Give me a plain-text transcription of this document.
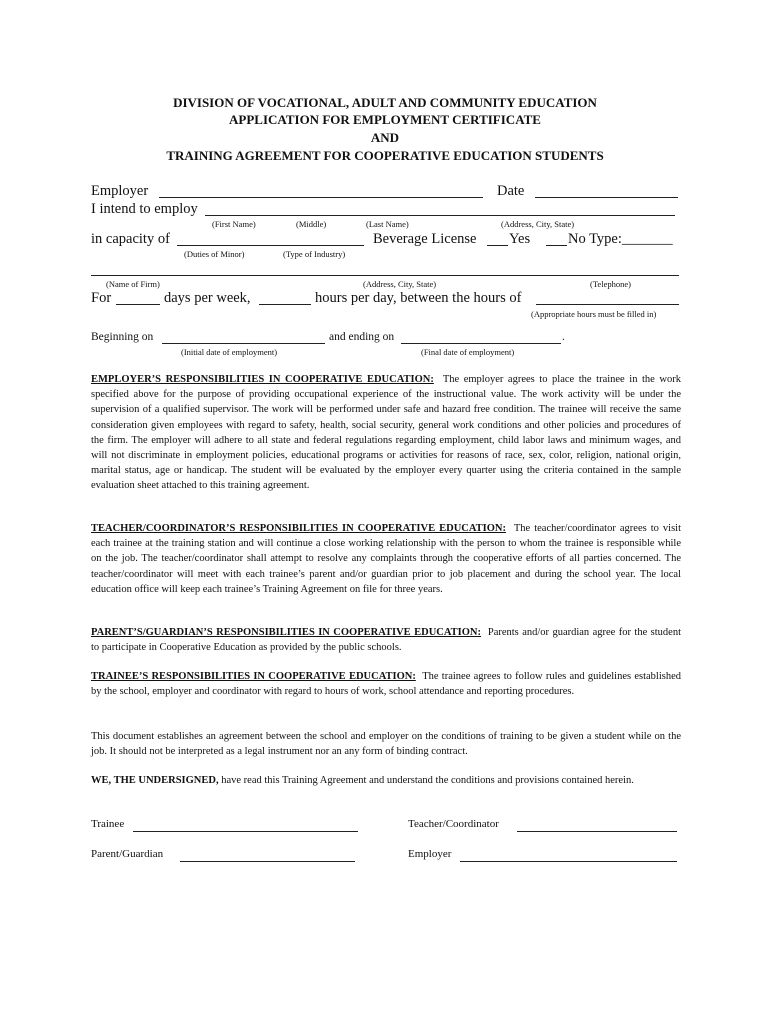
DIVISION OF VOCATIONAL, ADULT AND COMMUNITY EDUCATION
APPLICATION FOR EMPLOYMENT CERTIFICATE
AND
TRAINING AGREEMENT FOR COOPERATIVE EDUCATION STUDENTS
Employer	Date
I intend to employ
(First Name)	(Middle)	(Last Name)	(Address, City, State)
in capacity of	Beverage License Yes	No Type:_______
(Duties of Minor)	(Type of Industry)
(Name of Firm)	(Address, City, State)	(Telephone)
For	days per week,	hours per day, between the hours of
(Appropriate hours must be filled in)
Beginning on	and ending on	.
(Initial date of employment)	(Final date of employment)
EMPLOYER’S RESPONSIBILITIES IN COOPERATIVE EDUCATION: The employer agrees to place the trainee in the work specified above for the purpose of providing occupational experience of the instructional value. The work activity will be under the supervision of a qualified supervisor. The work will be performed under safe and hazard free condition. The trainee will receive the same consideration given employees with regard to safety, health, social security, general work conditions and other policies and procedures of the firm. The employer will adhere to all state and federal regulations regarding employment, child labor laws and minimum wages, and will not discriminate in employment policies, educational programs or activities for reasons of race, sex, color, religion, national origin, marital status, age or handicap. The student will be evaluated by the employer every quarter using the criteria contained in the sample evaluation sheet attached to this training agreement.
TEACHER/COORDINATOR’S RESPONSIBILITIES IN COOPERATIVE EDUCATION: The teacher/coordinator agrees to visit each trainee at the training station and will continue a close working relationship with the person to whom the trainee is responsible while on the job. The teacher/coordinator shall attempt to resolve any complaints through the cooperative efforts of all parties concerned. The teacher/coordinator will meet with each trainee’s parent and/or guardian prior to job placement and during the school year. The local education office will keep each trainee’s Training Agreement on file for three years.
PARENT’S/GUARDIAN’S RESPONSIBILITIES IN COOPERATIVE EDUCATION: Parents and/or guardian agree for the student to participate in Cooperative Education as provided by the public schools.
TRAINEE’S RESPONSIBILITIES IN COOPERATIVE EDUCATION: The trainee agrees to follow rules and guidelines established by the school, employer and coordinator with regard to hours of work, school attendance and reporting procedures.
This document establishes an agreement between the school and employer on the conditions of training to be given a student while on the job. It should not be interpreted as a legal instrument nor an any form of binding contract.
WE, THE UNDERSIGNED, have read this Training Agreement and understand the conditions and provisions contained herein.
Trainee	Teacher/Coordinator
Parent/Guardian	Employer
